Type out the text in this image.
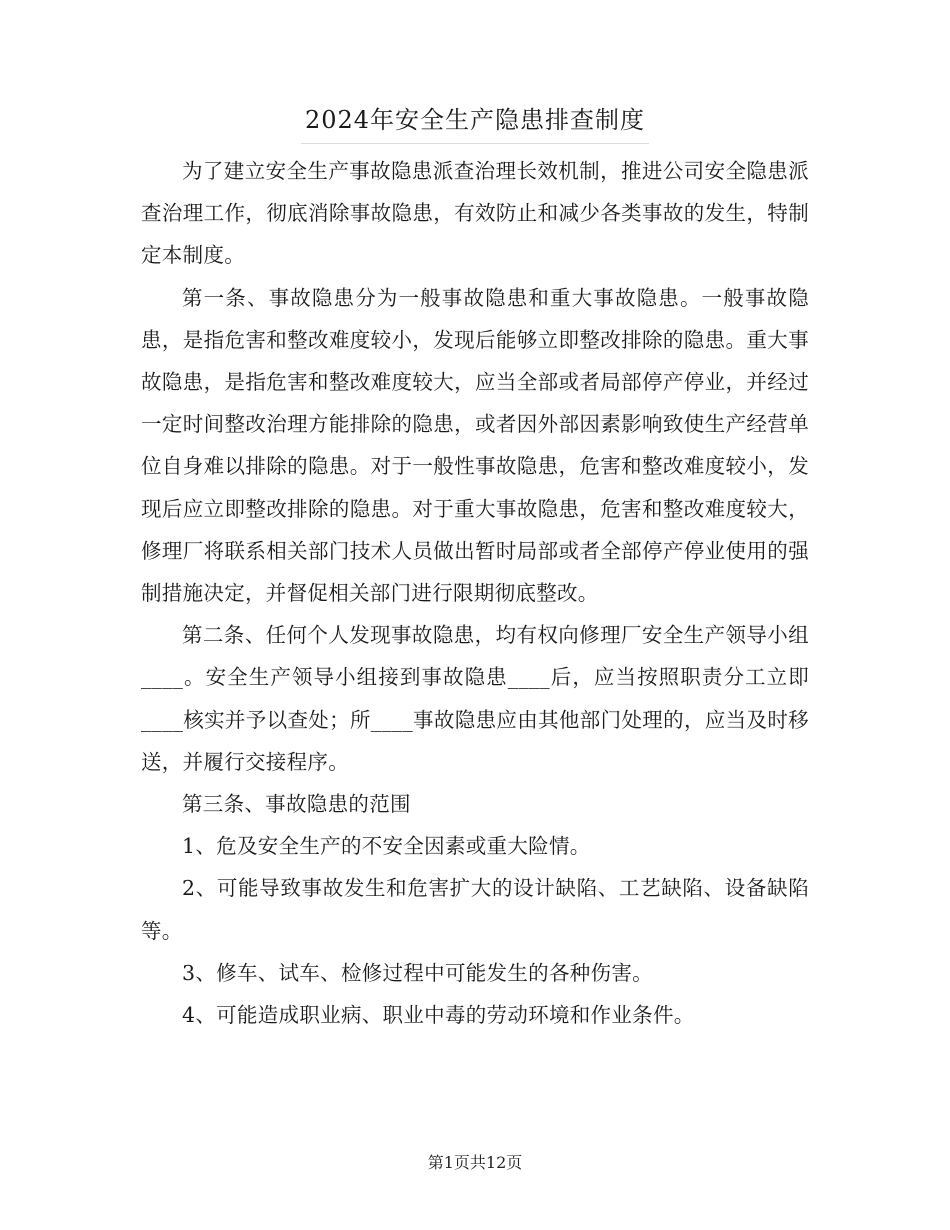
2024年安全生产隐患排查制度

为了建立安全生产事故隐患派查治理长效机制，推进公司安全隐患派查治理工作，彻底消除事故隐患，有效防止和减少各类事故的发生，特制定本制度。

第一条、事故隐患分为一般事故隐患和重大事故隐患。一般事故隐患，是指危害和整改难度较小，发现后能够立即整改排除的隐患。重大事故隐患，是指危害和整改难度较大，应当全部或者局部停产停业，并经过一定时间整改治理方能排除的隐患，或者因外部因素影响致使生产经营单位自身难以排除的隐患。对于一般性事故隐患，危害和整改难度较小，发现后应立即整改排除的隐患。对于重大事故隐患，危害和整改难度较大，修理厂将联系相关部门技术人员做出暂时局部或者全部停产停业使用的强制措施决定，并督促相关部门进行限期彻底整改。

第二条、任何个人发现事故隐患，均有权向修理厂安全生产领导小组____。安全生产领导小组接到事故隐患____后，应当按照职责分工立即____核实并予以查处；所____事故隐患应由其他部门处理的，应当及时移送，并履行交接程序。

第三条、事故隐患的范围

1、危及安全生产的不安全因素或重大险情。

2、可能导致事故发生和危害扩大的设计缺陷、工艺缺陷、设备缺陷等。

3、修车、试车、检修过程中可能发生的各种伤害。

4、可能造成职业病、职业中毒的劳动环境和作业条件。

第1页共12页
